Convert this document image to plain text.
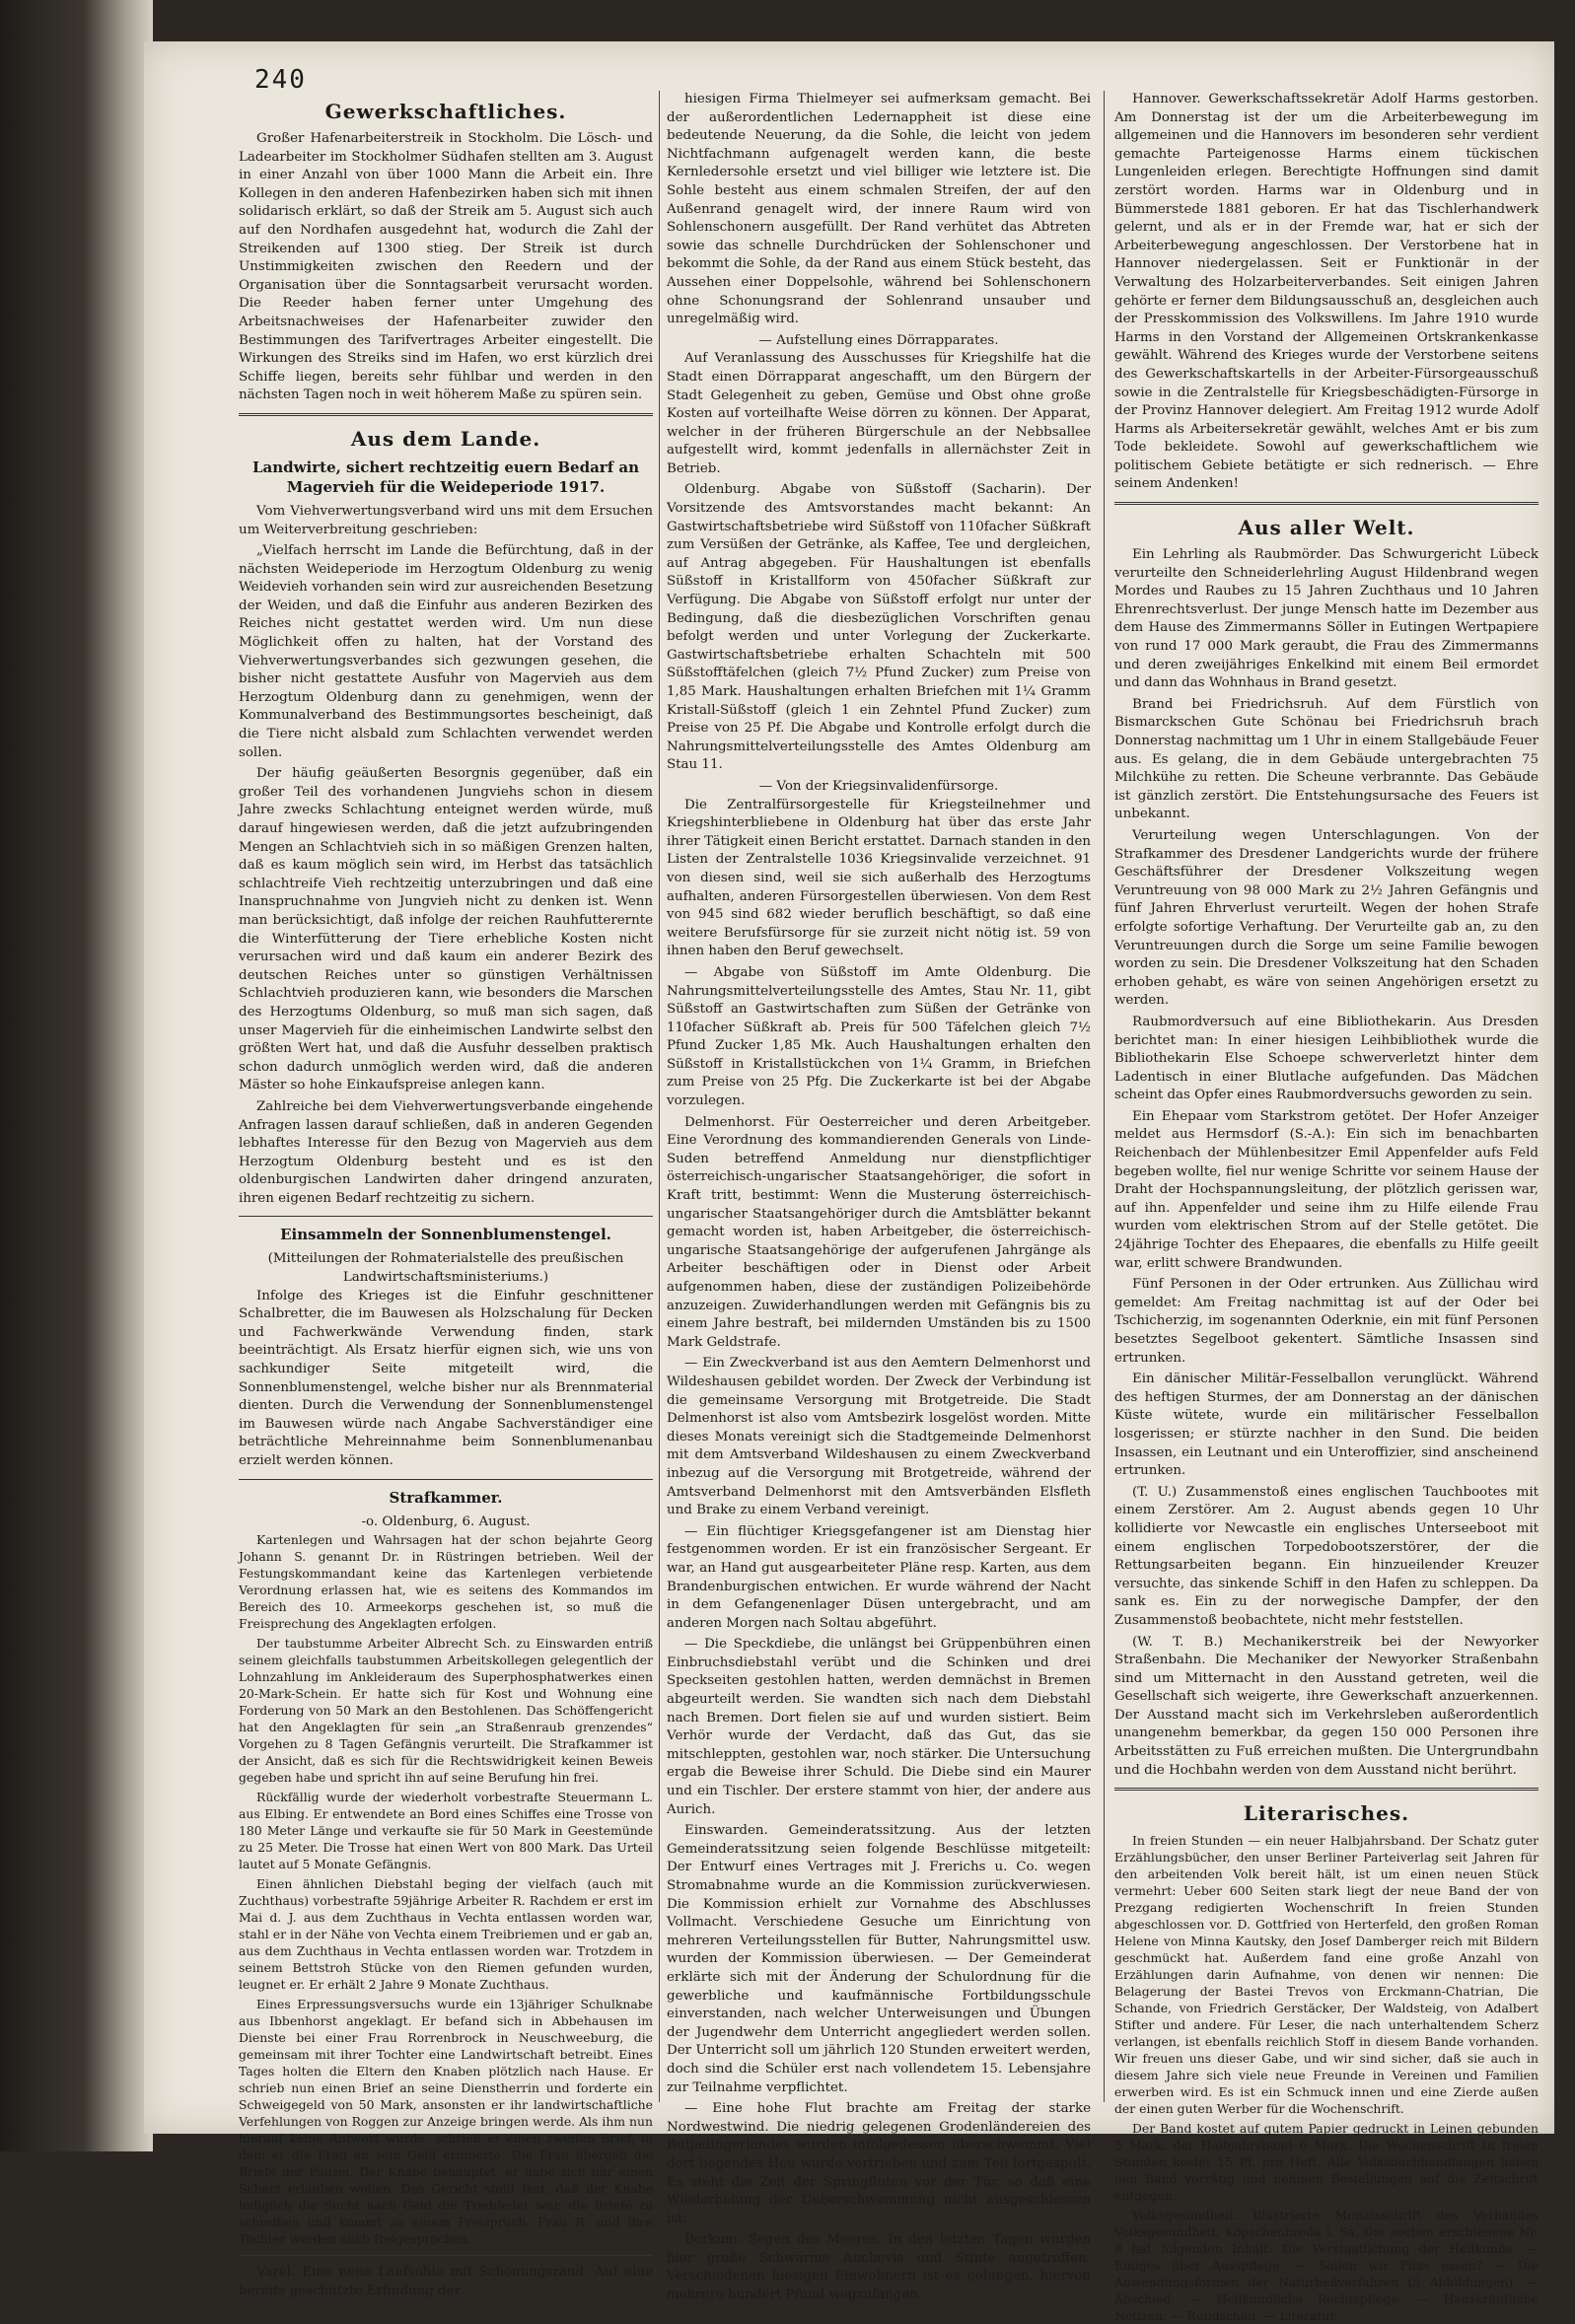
240
Gewerkschaftliches.

Großer Hafenarbeiterstreik in Stockholm. Die Lösch- und Ladearbeiter im Stockholmer Südhafen stellten am 3. August in einer Anzahl von über 1000 Mann die Arbeit ein. Ihre Kollegen in den anderen Hafenbezirken haben sich mit ihnen solidarisch erklärt, so daß der Streik am 5. August sich auch auf den Nordhafen ausgedehnt hat, wodurch die Zahl der Streikenden auf 1300 stieg. Der Streik ist durch Unstimmigkeiten zwischen den Reedern und der Organisation über die Sonntagsarbeit verursacht worden. Die Reeder haben ferner unter Umgehung des Arbeitsnachweises der Hafenarbeiter zuwider den Bestimmungen des Tarifvertrages Arbeiter eingestellt. Die Wirkungen des Streiks sind im Hafen, wo erst kürzlich drei Schiffe liegen, bereits sehr fühlbar und werden in den nächsten Tagen noch in weit höherem Maße zu spüren sein.

Aus dem Lande.
Landwirte, sichert rechtzeitig euern Bedarf an Magervieh für die Weideperiode 1917.

Vom Viehverwertungsverband wird uns mit dem Ersuchen um Weiterverbreitung geschrieben:

„Vielfach herrscht im Lande die Befürchtung, daß in der nächsten Weideperiode im Herzogtum Oldenburg zu wenig Weidevieh vorhanden sein wird zur ausreichenden Besetzung der Weiden, und daß die Einfuhr aus anderen Bezirken des Reiches nicht gestattet werden wird. Um nun diese Möglichkeit offen zu halten, hat der Vorstand des Viehverwertungsverbandes sich gezwungen gesehen, die bisher nicht gestattete Ausfuhr von Magervieh aus dem Herzogtum Oldenburg dann zu genehmigen, wenn der Kommunalverband des Bestimmungsortes bescheinigt, daß die Tiere nicht alsbald zum Schlachten verwendet werden sollen.

Der häufig geäußerten Besorgnis gegenüber, daß ein großer Teil des vorhandenen Jungviehs schon in diesem Jahre zwecks Schlachtung enteignet werden würde, muß darauf hingewiesen werden, daß die jetzt aufzubringenden Mengen an Schlachtvieh sich in so mäßigen Grenzen halten, daß es kaum möglich sein wird, im Herbst das tatsächlich schlachtreife Vieh rechtzeitig unterzubringen und daß eine Inanspruchnahme von Jungvieh nicht zu denken ist. Wenn man berücksichtigt, daß infolge der reichen Rauhfutterernte die Winterfütterung der Tiere erhebliche Kosten nicht verursachen wird und daß kaum ein anderer Bezirk des deutschen Reiches unter so günstigen Verhältnissen Schlachtvieh produzieren kann, wie besonders die Marschen des Herzogtums Oldenburg, so muß man sich sagen, daß unser Magervieh für die einheimischen Landwirte selbst den größten Wert hat, und daß die Ausfuhr desselben praktisch schon dadurch unmöglich werden wird, daß die anderen Mäster so hohe Einkaufspreise anlegen kann.

Zahlreiche bei dem Viehverwertungsverbande eingehende Anfragen lassen darauf schließen, daß in anderen Gegenden lebhaftes Interesse für den Bezug von Magervieh aus dem Herzogtum Oldenburg besteht und es ist den oldenburgischen Landwirten daher dringend anzuraten, ihren eigenen Bedarf rechtzeitig zu sichern.

Einsammeln der Sonnenblumenstengel.
(Mitteilungen der Rohmaterialstelle des preußischen Landwirtschaftsministeriums.)

Infolge des Krieges ist die Einfuhr geschnittener Schalbretter, die im Bauwesen als Holzschalung für Decken und Fachwerkwände Verwendung finden, stark beeinträchtigt. Als Ersatz hierfür eignen sich, wie uns von sachkundiger Seite mitgeteilt wird, die Sonnenblumenstengel, welche bisher nur als Brennmaterial dienten. Durch die Verwendung der Sonnenblumenstengel im Bauwesen würde nach Angabe Sachverständiger eine beträchtliche Mehreinnahme beim Sonnenblumenanbau erzielt werden können.

Strafkammer.
-o. Oldenburg, 6. August.

Kartenlegen und Wahrsagen hat der schon bejahrte Georg Johann S. genannt Dr. in Rüstringen betrieben. Weil der Festungskommandant keine das Kartenlegen verbietende Verordnung erlassen hat, wie es seitens des Kommandos im Bereich des 10. Armeekorps geschehen ist, so muß die Freisprechung des Angeklagten erfolgen.

Der taubstumme Arbeiter Albrecht Sch. zu Einswarden entriß seinem gleichfalls taubstummen Arbeitskollegen gelegentlich der Lohnzahlung im Ankleideraum des Superphosphatwerkes einen 20-Mark-Schein. Er hatte sich für Kost und Wohnung eine Forderung von 50 Mark an den Bestohlenen. Das Schöffengericht hat den Angeklagten für sein „an Straßenraub grenzendes“ Vorgehen zu 8 Tagen Gefängnis verurteilt. Die Strafkammer ist der Ansicht, daß es sich für die Rechtswidrigkeit keinen Beweis gegeben habe und spricht ihn auf seine Berufung hin frei.

Rückfällig wurde der wiederholt vorbestrafte Steuermann L. aus Elbing. Er entwendete an Bord eines Schiffes eine Trosse von 180 Meter Länge und verkaufte sie für 50 Mark in Geestemünde zu 25 Meter. Die Trosse hat einen Wert von 800 Mark. Das Urteil lautet auf 5 Monate Gefängnis.

Einen ähnlichen Diebstahl beging der vielfach (auch mit Zuchthaus) vorbestrafte 59jährige Arbeiter R. Rachdem er erst im Mai d. J. aus dem Zuchthaus in Vechta entlassen worden war, stahl er in der Nähe von Vechta einem Treibriemen und er gab an, aus dem Zuchthaus in Vechta entlassen worden war. Trotzdem in seinem Bettstroh Stücke von den Riemen gefunden wurden, leugnet er. Er erhält 2 Jahre 9 Monate Zuchthaus.

Eines Erpressungsversuchs wurde ein 13jähriger Schulknabe aus Ibbenhorst angeklagt. Er befand sich in Abbehausen im Dienste bei einer Frau Rorrenbrock in Neuschweeburg, die gemeinsam mit ihrer Tochter eine Landwirtschaft betreibt. Eines Tages holten die Eltern den Knaben plötzlich nach Hause. Er schrieb nun einen Brief an seine Dienstherrin und forderte ein Schweigegeld von 50 Mark, ansonsten er ihr landwirtschaftliche Verfehlungen von Roggen zur Anzeige bringen werde. Als ihm nun hierauf keine Antwort wurde, schrieb er einen zweiten Brief, in dem er die Frau an sein Geld erinnerte. Die Frau übergab die Briefe der Polizei. Der Knabe behauptet, er habe sich nur einen Scherz erlauben wollen. Das Gericht stellt fest, daß der Knabe lediglich die Sucht nach Geld die Triebfeder war, die Briefe zu schreiben und kommt zu einem Freispruch. Frau R. und ihre Tochter werden auch freigesprochen.

Varel. Eine neue Laufsohle mit Schonungsrand. Auf eine bereits geschützte Erfindung der

hiesigen Firma Thielmeyer sei aufmerksam gemacht. Bei der außerordentlichen Ledernappheit ist diese eine bedeutende Neuerung, da die Sohle, die leicht von jedem Nichtfachmann aufgenagelt werden kann, die beste Kernledersohle ersetzt und viel billiger wie letztere ist. Die Sohle besteht aus einem schmalen Streifen, der auf den Außenrand genagelt wird, der innere Raum wird von Sohlenschonern ausgefüllt. Der Rand verhütet das Abtreten sowie das schnelle Durchdrücken der Sohlenschoner und bekommt die Sohle, da der Rand aus einem Stück besteht, das Aussehen einer Doppelsohle, während bei Sohlenschonern ohne Schonungsrand der Sohlenrand unsauber und unregelmäßig wird.

— Aufstellung eines Dörrapparates.

Auf Veranlassung des Ausschusses für Kriegshilfe hat die Stadt einen Dörrapparat angeschafft, um den Bürgern der Stadt Gelegenheit zu geben, Gemüse und Obst ohne große Kosten auf vorteilhafte Weise dörren zu können. Der Apparat, welcher in der früheren Bürgerschule an der Nebbsallee aufgestellt wird, kommt jedenfalls in allernächster Zeit in Betrieb.

Oldenburg. Abgabe von Süßstoff (Sacharin). Der Vorsitzende des Amtsvorstandes macht bekannt: An Gastwirtschaftsbetriebe wird Süßstoff von 110facher Süßkraft zum Versüßen der Getränke, als Kaffee, Tee und dergleichen, auf Antrag abgegeben. Für Haushaltungen ist ebenfalls Süßstoff in Kristallform von 450facher Süßkraft zur Verfügung. Die Abgabe von Süßstoff erfolgt nur unter der Bedingung, daß die diesbezüglichen Vorschriften genau befolgt werden und unter Vorlegung der Zuckerkarte. Gastwirtschaftsbetriebe erhalten Schachteln mit 500 Süßstofftäfelchen (gleich 7½ Pfund Zucker) zum Preise von 1,85 Mark. Haushaltungen erhalten Briefchen mit 1¼ Gramm Kristall-Süßstoff (gleich 1 ein Zehntel Pfund Zucker) zum Preise von 25 Pf. Die Abgabe und Kontrolle erfolgt durch die Nahrungsmittelverteilungsstelle des Amtes Oldenburg am Stau 11.

— Von der Kriegsinvalidenfürsorge.

Die Zentralfürsorgestelle für Kriegsteilnehmer und Kriegshinterbliebene in Oldenburg hat über das erste Jahr ihrer Tätigkeit einen Bericht erstattet. Darnach standen in den Listen der Zentralstelle 1036 Kriegsinvalide verzeichnet. 91 von diesen sind, weil sie sich außerhalb des Herzogtums aufhalten, anderen Fürsorgestellen überwiesen. Von dem Rest von 945 sind 682 wieder beruflich beschäftigt, so daß eine weitere Berufsfürsorge für sie zurzeit nicht nötig ist. 59 von ihnen haben den Beruf gewechselt.

— Abgabe von Süßstoff im Amte Oldenburg. Die Nahrungsmittelverteilungsstelle des Amtes, Stau Nr. 11, gibt Süßstoff an Gastwirtschaften zum Süßen der Getränke von 110facher Süßkraft ab. Preis für 500 Täfelchen gleich 7½ Pfund Zucker 1,85 Mk. Auch Haushaltungen erhalten den Süßstoff in Kristallstückchen von 1¼ Gramm, in Briefchen zum Preise von 25 Pfg. Die Zuckerkarte ist bei der Abgabe vorzulegen.

Delmenhorst. Für Oesterreicher und deren Arbeitgeber. Eine Verordnung des kommandierenden Generals von Linde-Suden betreffend Anmeldung nur dienstpflichtiger österreichisch-ungarischer Staatsangehöriger, die sofort in Kraft tritt, bestimmt: Wenn die Musterung österreichisch-ungarischer Staatsangehöriger durch die Amtsblätter bekannt gemacht worden ist, haben Arbeitgeber, die österreichisch-ungarische Staatsangehörige der aufgerufenen Jahrgänge als Arbeiter beschäftigen oder in Dienst oder Arbeit aufgenommen haben, diese der zuständigen Polizeibehörde anzuzeigen. Zuwiderhandlungen werden mit Gefängnis bis zu einem Jahre bestraft, bei mildernden Umständen bis zu 1500 Mark Geldstrafe.

— Ein Zweckverband ist aus den Aemtern Delmenhorst und Wildeshausen gebildet worden. Der Zweck der Verbindung ist die gemeinsame Versorgung mit Brotgetreide. Die Stadt Delmenhorst ist also vom Amtsbezirk losgelöst worden. Mitte dieses Monats vereinigt sich die Stadtgemeinde Delmenhorst mit dem Amtsverband Wildeshausen zu einem Zweckverband inbezug auf die Versorgung mit Brotgetreide, während der Amtsverband Delmenhorst mit den Amtsverbänden Elsfleth und Brake zu einem Verband vereinigt.

— Ein flüchtiger Kriegsgefangener ist am Dienstag hier festgenommen worden. Er ist ein französischer Sergeant. Er war, an Hand gut ausgearbeiteter Pläne resp. Karten, aus dem Brandenburgischen entwichen. Er wurde während der Nacht in dem Gefangenenlager Düsen untergebracht, und am anderen Morgen nach Soltau abgeführt.

— Die Speckdiebe, die unlängst bei Grüppenbühren einen Einbruchsdiebstahl verübt und die Schinken und drei Speckseiten gestohlen hatten, werden demnächst in Bremen abgeurteilt werden. Sie wandten sich nach dem Diebstahl nach Bremen. Dort fielen sie auf und wurden sistiert. Beim Verhör wurde der Verdacht, daß das Gut, das sie mitschleppten, gestohlen war, noch stärker. Die Untersuchung ergab die Beweise ihrer Schuld. Die Diebe sind ein Maurer und ein Tischler. Der erstere stammt von hier, der andere aus Aurich.

Einswarden. Gemeinderatssitzung. Aus der letzten Gemeinderatssitzung seien folgende Beschlüsse mitgeteilt: Der Entwurf eines Vertrages mit J. Frerichs u. Co. wegen Stromabnahme wurde an die Kommission zurückverwiesen. Die Kommission erhielt zur Vornahme des Abschlusses Vollmacht. Verschiedene Gesuche um Einrichtung von mehreren Verteilungsstellen für Butter, Nahrungsmittel usw. wurden der Kommission überwiesen. — Der Gemeinderat erklärte sich mit der Änderung der Schulordnung für die gewerbliche und kaufmännische Fortbildungsschule einverstanden, nach welcher Unterweisungen und Übungen der Jugendwehr dem Unterricht angegliedert werden sollen. Der Unterricht soll um jährlich 120 Stunden erweitert werden, doch sind die Schüler erst nach vollendetem 15. Lebensjahre zur Teilnahme verpflichtet.

— Eine hohe Flut brachte am Freitag der starke Nordwestwind. Die niedrig gelegenen Grodenländereien des Butjadingerlandes wurden infolgedessen überschwemmt. Viel dort liegendes Heu wurde vertrieben und zum Teil fortgespült. Es steht die Zeit der Springfluten vor der Tür, so daß eine Wiederholung der Ueberschwemmung nicht ausgeschlossen ist.

Borkum. Segen des Meeres. In den letzten Tagen wurden hier große Schwärme Anchovis und Stinte angetroffen. Verschiedenen hiesigen Einwohnern ist es gelungen, hiervon mehrere hundert Pfund wegzufangen.

Hannover. Gewerkschaftssekretär Adolf Harms gestorben. Am Donnerstag ist der um die Arbeiterbewegung im allgemeinen und die Hannovers im besonderen sehr verdient gemachte Parteigenosse Harms einem tückischen Lungenleiden erlegen. Berechtigte Hoffnungen sind damit zerstört worden. Harms war in Oldenburg und in Bümmerstede 1881 geboren. Er hat das Tischlerhandwerk gelernt, und als er in der Fremde war, hat er sich der Arbeiterbewegung angeschlossen. Der Verstorbene hat in Hannover niedergelassen. Seit er Funktionär in der Verwaltung des Holzarbeiterverbandes. Seit einigen Jahren gehörte er ferner dem Bildungsausschuß an, desgleichen auch der Presskommission des Volkswillens. Im Jahre 1910 wurde Harms in den Vorstand der Allgemeinen Ortskrankenkasse gewählt. Während des Krieges wurde der Verstorbene seitens des Gewerkschaftskartells in der Arbeiter-Fürsorgeausschuß sowie in die Zentralstelle für Kriegsbeschädigten-Fürsorge in der Provinz Hannover delegiert. Am Freitag 1912 wurde Adolf Harms als Arbeitersekretär gewählt, welches Amt er bis zum Tode bekleidete. Sowohl auf gewerkschaftlichem wie politischem Gebiete betätigte er sich rednerisch. — Ehre seinem Andenken!

Aus aller Welt.

Ein Lehrling als Raubmörder. Das Schwurgericht Lübeck verurteilte den Schneiderlehrling August Hildenbrand wegen Mordes und Raubes zu 15 Jahren Zuchthaus und 10 Jahren Ehrenrechtsverlust. Der junge Mensch hatte im Dezember aus dem Hause des Zimmermanns Söller in Eutingen Wertpapiere von rund 17 000 Mark geraubt, die Frau des Zimmermanns und deren zweijähriges Enkelkind mit einem Beil ermordet und dann das Wohnhaus in Brand gesetzt.

Brand bei Friedrichsruh. Auf dem Fürstlich von Bismarckschen Gute Schönau bei Friedrichsruh brach Donnerstag nachmittag um 1 Uhr in einem Stallgebäude Feuer aus. Es gelang, die in dem Gebäude untergebrachten 75 Milchkühe zu retten. Die Scheune verbrannte. Das Gebäude ist gänzlich zerstört. Die Entstehungsursache des Feuers ist unbekannt.

Verurteilung wegen Unterschlagungen. Von der Strafkammer des Dresdener Landgerichts wurde der frühere Geschäftsführer der Dresdener Volkszeitung wegen Veruntreuung von 98 000 Mark zu 2½ Jahren Gefängnis und fünf Jahren Ehrverlust verurteilt. Wegen der hohen Strafe erfolgte sofortige Verhaftung. Der Verurteilte gab an, zu den Veruntreuungen durch die Sorge um seine Familie bewogen worden zu sein. Die Dresdener Volkszeitung hat den Schaden erhoben gehabt, es wäre von seinen Angehörigen ersetzt zu werden.

Raubmordversuch auf eine Bibliothekarin. Aus Dresden berichtet man: In einer hiesigen Leihbibliothek wurde die Bibliothekarin Else Schoepe schwerverletzt hinter dem Ladentisch in einer Blutlache aufgefunden. Das Mädchen scheint das Opfer eines Raubmordversuchs geworden zu sein.

Ein Ehepaar vom Starkstrom getötet. Der Hofer Anzeiger meldet aus Hermsdorf (S.-A.): Ein sich im benachbarten Reichenbach der Mühlenbesitzer Emil Appenfelder aufs Feld begeben wollte, fiel nur wenige Schritte vor seinem Hause der Draht der Hochspannungsleitung, der plötzlich gerissen war, auf ihn. Appenfelder und seine ihm zu Hilfe eilende Frau wurden vom elektrischen Strom auf der Stelle getötet. Die 24jährige Tochter des Ehepaares, die ebenfalls zu Hilfe geeilt war, erlitt schwere Brandwunden.

Fünf Personen in der Oder ertrunken. Aus Züllichau wird gemeldet: Am Freitag nachmittag ist auf der Oder bei Tschicherzig, im sogenannten Oderknie, ein mit fünf Personen besetztes Segelboot gekentert. Sämtliche Insassen sind ertrunken.

Ein dänischer Militär-Fesselballon verunglückt. Während des heftigen Sturmes, der am Donnerstag an der dänischen Küste wütete, wurde ein militärischer Fesselballon losgerissen; er stürzte nachher in den Sund. Die beiden Insassen, ein Leutnant und ein Unteroffizier, sind anscheinend ertrunken.

(T. U.) Zusammenstoß eines englischen Tauchbootes mit einem Zerstörer. Am 2. August abends gegen 10 Uhr kollidierte vor Newcastle ein englisches Unterseeboot mit einem englischen Torpedobootszerstörer, der die Rettungsarbeiten begann. Ein hinzueilender Kreuzer versuchte, das sinkende Schiff in den Hafen zu schleppen. Da sank es. Ein zu der norwegische Dampfer, der den Zusammenstoß beobachtete, nicht mehr feststellen.

(W. T. B.) Mechanikerstreik bei der Newyorker Straßenbahn. Die Mechaniker der Newyorker Straßenbahn sind um Mitternacht in den Ausstand getreten, weil die Gesellschaft sich weigerte, ihre Gewerkschaft anzuerkennen. Der Ausstand macht sich im Verkehrsleben außerordentlich unangenehm bemerkbar, da gegen 150 000 Personen ihre Arbeitsstätten zu Fuß erreichen mußten. Die Untergrundbahn und die Hochbahn werden von dem Ausstand nicht berührt.

Literarisches.

In freien Stunden — ein neuer Halbjahrsband. Der Schatz guter Erzählungsbücher, den unser Berliner Parteiverlag seit Jahren für den arbeitenden Volk bereit hält, ist um einen neuen Stück vermehrt: Ueber 600 Seiten stark liegt der neue Band der von Prezgang redigierten Wochenschrift In freien Stunden abgeschlossen vor. D. Gottfried von Herterfeld, den großen Roman Helene von Minna Kautsky, den Josef Damberger reich mit Bildern geschmückt hat. Außerdem fand eine große Anzahl von Erzählungen darin Aufnahme, von denen wir nennen: Die Belagerung der Bastei Trevos von Erckmann-Chatrian, Die Schande, von Friedrich Gerstäcker, Der Waldsteig, von Adalbert Stifter und andere. Für Leser, die nach unterhaltendem Scherz verlangen, ist ebenfalls reichlich Stoff in diesem Bande vorhanden. Wir freuen uns dieser Gabe, und wir sind sicher, daß sie auch in diesem Jahre sich viele neue Freunde in Vereinen und Familien erwerben wird. Es ist ein Schmuck innen und eine Zierde außen der einen guten Werber für die Wochenschrift.

Der Band kostet auf gutem Papier gedruckt in Leinen gebunden 5 Mark, der Halbjahrsband 6 Mark. Die Wochenschrift In freien Stunden kostet 15 Pf. pro Heft. Alle Volksbuchhandlungen haben den Band vorrätig und nehmen Bestellungen auf die Zeitschrift entgegen.

Volksgesundheit. Illustrierte Monatsschrift des Verbandes Volksgesundheit, Köpschenbroda i. Sa. Die soeben erschienene Nr. 8 hat folgenden Inhalt: Die Verstaatlichung der Heilkunde. — Einiges über Ausspflege. — Sollen wir Pilze essen? — Die Anwendungsformen der Naturheilverfahren (5 Abbildungen). — Abschied. — Heilkundliche Rechtspflege. — Hauskräutliche Notizen. — Rundschau. — Literatur.
